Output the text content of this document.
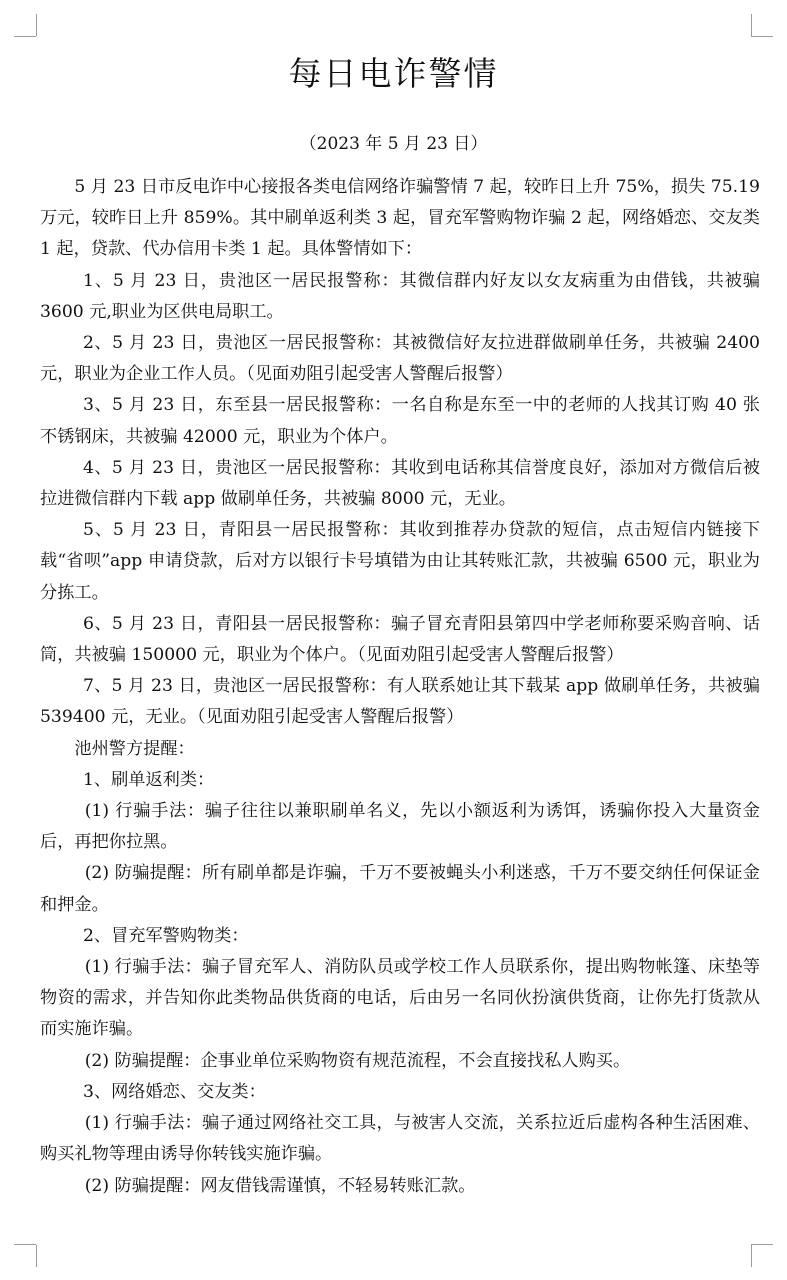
每日电诈警情
（2023 年 5 月 23 日）

5 月 23 日市反电诈中心接报各类电信网络诈骗警情 7 起，较昨日上升 75%，损失 75.19 万元，较昨日上升 859%。其中刷单返利类 3 起，冒充军警购物诈骗 2 起，网络婚恋、交友类 1 起，贷款、代办信用卡类 1 起。具体警情如下：

1、5 月 23 日，贵池区一居民报警称：其微信群内好友以女友病重为由借钱，共被骗 3600 元,职业为区供电局职工。

2、5 月 23 日，贵池区一居民报警称：其被微信好友拉进群做刷单任务，共被骗 2400 元，职业为企业工作人员。（见面劝阻引起受害人警醒后报警）

3、5 月 23 日，东至县一居民报警称：一名自称是东至一中的老师的人找其订购 40 张不锈钢床，共被骗 42000 元，职业为个体户。

4、5 月 23 日，贵池区一居民报警称：其收到电话称其信誉度良好，添加对方微信后被拉进微信群内下载 app 做刷单任务，共被骗 8000 元，无业。

5、5 月 23 日，青阳县一居民报警称：其收到推荐办贷款的短信，点击短信内链接下载“省呗”app 申请贷款，后对方以银行卡号填错为由让其转账汇款，共被骗 6500 元，职业为分拣工。

6、5 月 23 日，青阳县一居民报警称：骗子冒充青阳县第四中学老师称要采购音响、话筒，共被骗 150000 元，职业为个体户。（见面劝阻引起受害人警醒后报警）

7、5 月 23 日，贵池区一居民报警称：有人联系她让其下载某 app 做刷单任务，共被骗 539400 元，无业。（见面劝阻引起受害人警醒后报警）

池州警方提醒：

1、刷单返利类：

(1) 行骗手法：骗子往往以兼职刷单名义，先以小额返利为诱饵，诱骗你投入大量资金后，再把你拉黑。

(2) 防骗提醒：所有刷单都是诈骗，千万不要被蝇头小利迷惑，千万不要交纳任何保证金和押金。

2、冒充军警购物类：

(1) 行骗手法：骗子冒充军人、消防队员或学校工作人员联系你，提出购物帐篷、床垫等物资的需求，并告知你此类物品供货商的电话，后由另一名同伙扮演供货商，让你先打货款从而实施诈骗。

(2) 防骗提醒：企事业单位采购物资有规范流程，不会直接找私人购买。

3、网络婚恋、交友类：

(1) 行骗手法：骗子通过网络社交工具，与被害人交流，关系拉近后虚构各种生活困难、购买礼物等理由诱导你转钱实施诈骗。

(2) 防骗提醒：网友借钱需谨慎，不轻易转账汇款。
